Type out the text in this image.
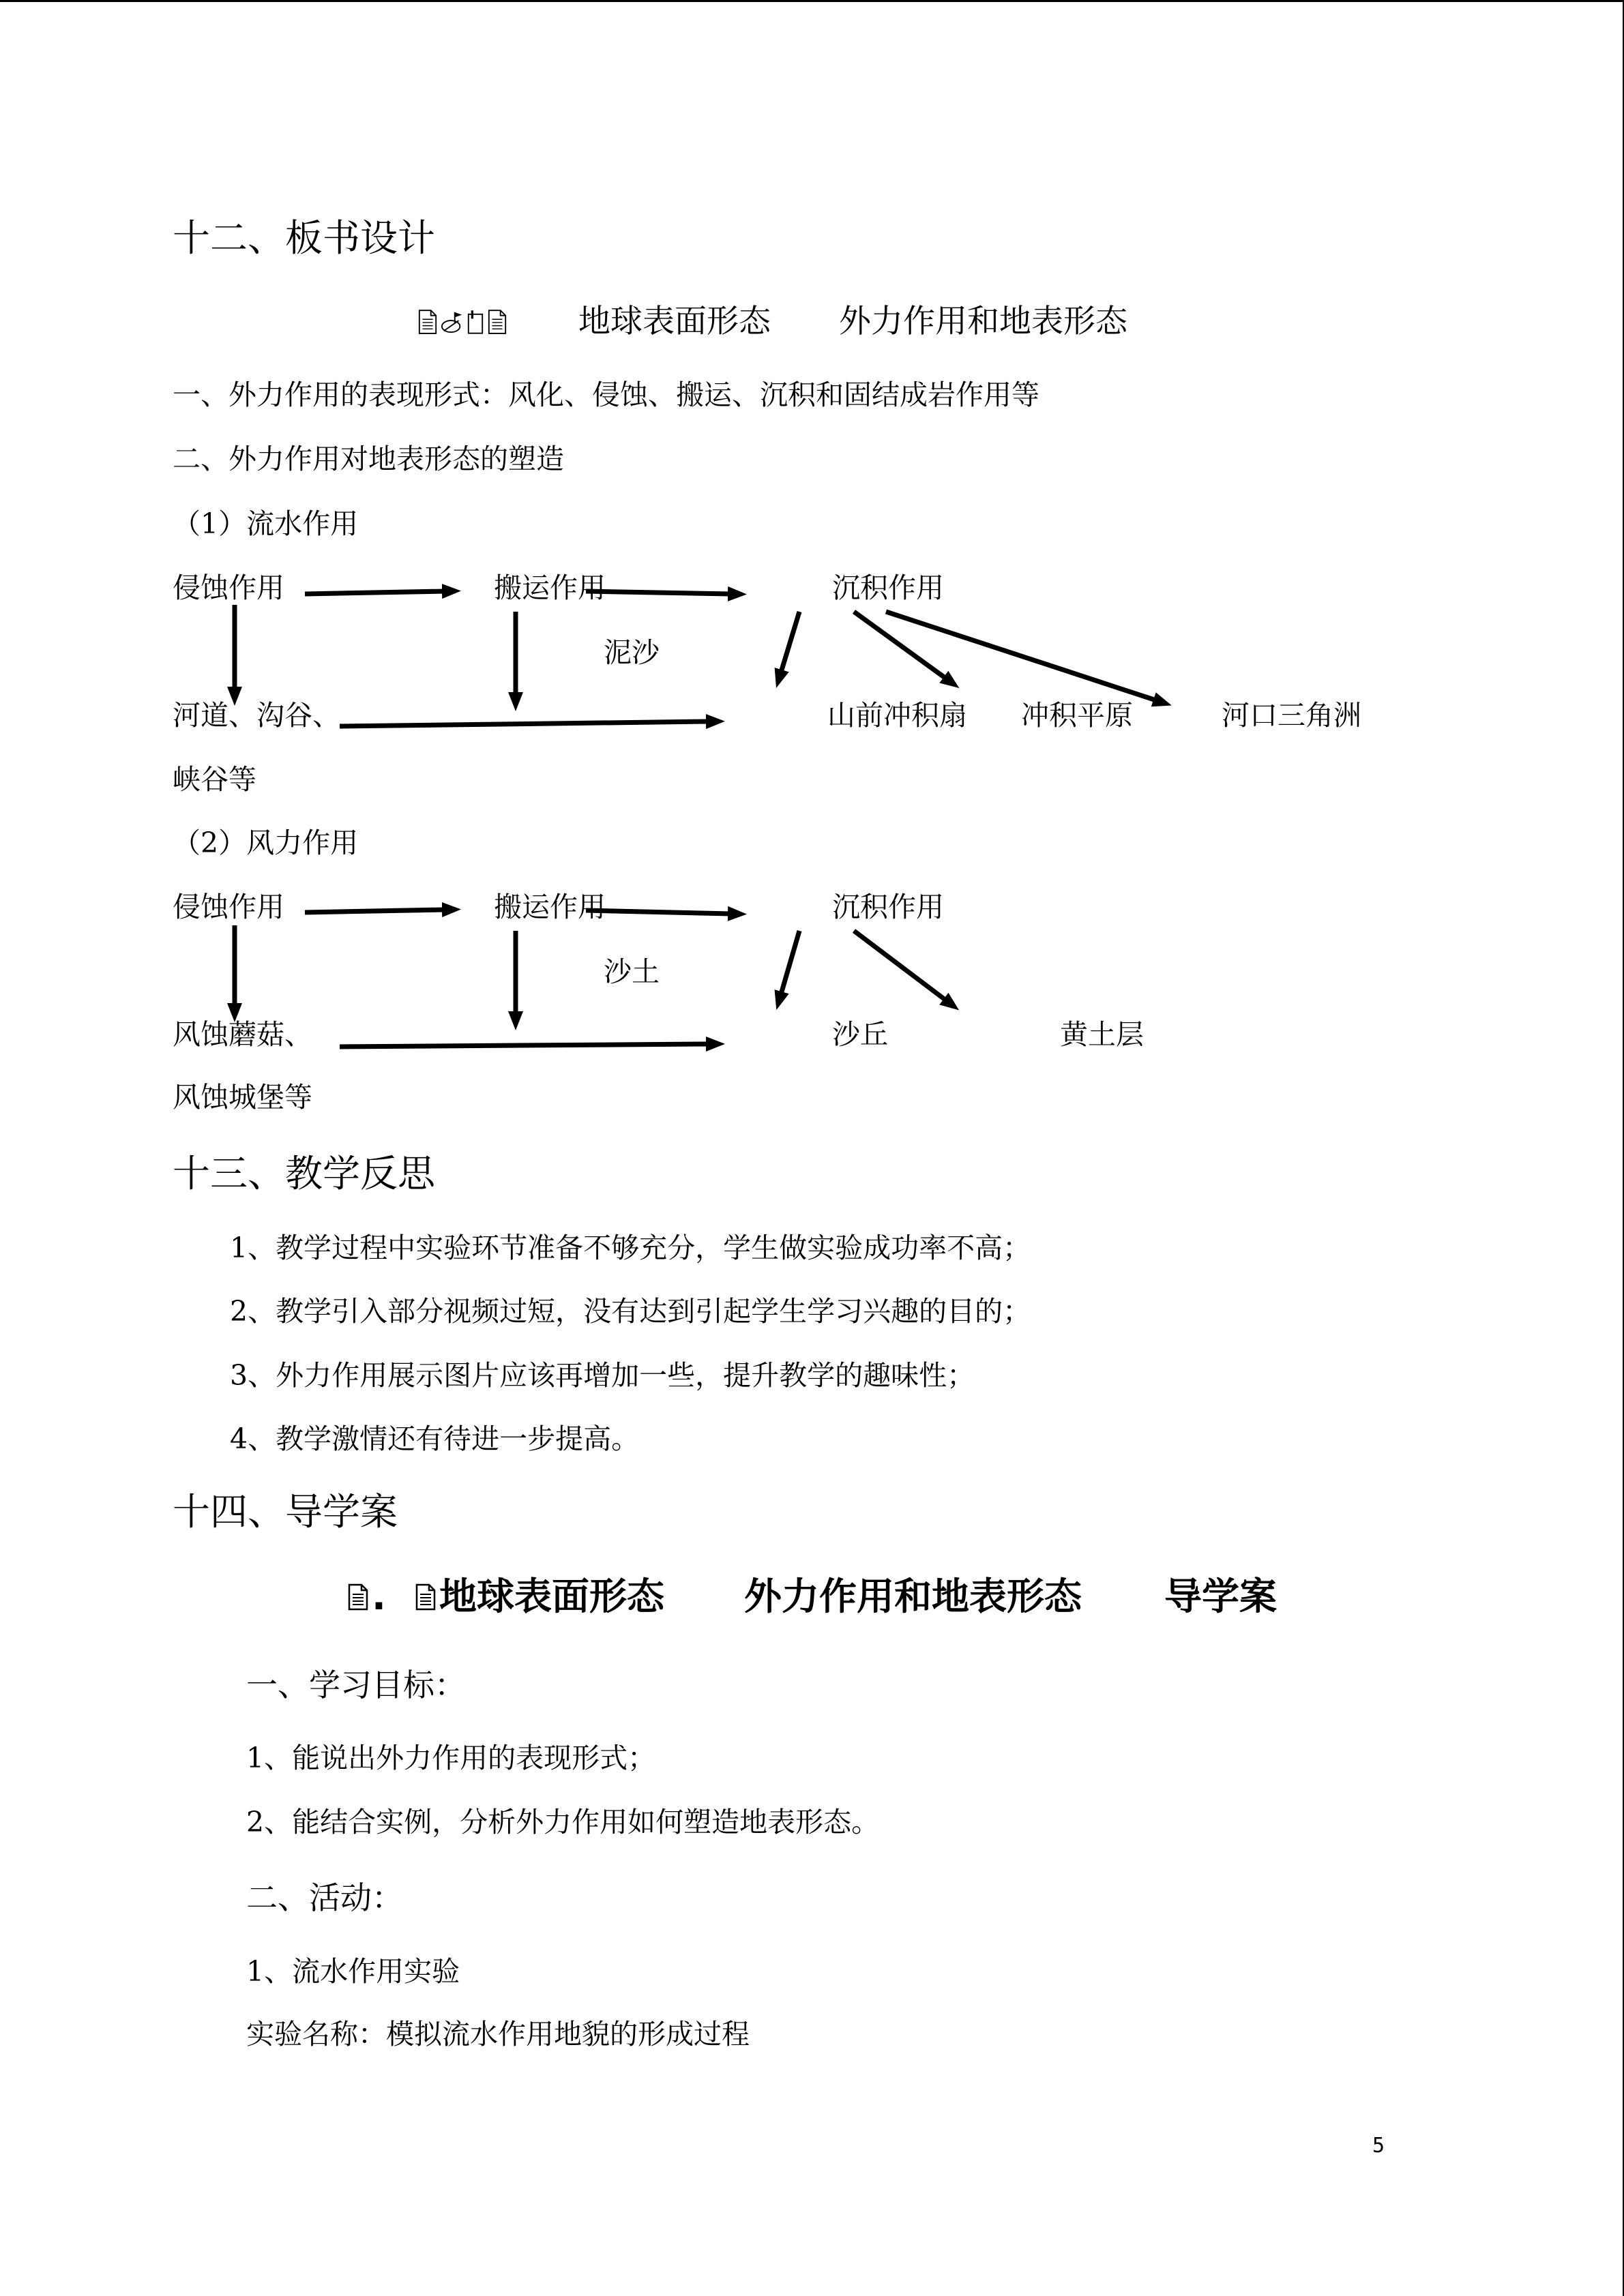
十二、板书设计
地球表面形态 外力作用和地表形态
一、外力作用的表现形式：风化、侵蚀、搬运、沉积和固结成岩作用等
二、外力作用对地表形态的塑造
（1）流水作用
侵蚀作用	搬运作用	沉积作用
泥沙
河道、沟谷、	山前冲积扇 冲积平原	河口三角洲
峡谷等
（2）风力作用
侵蚀作用	搬运作用	沉积作用
沙土
风蚀蘑菇、	沙丘	黄土层
风蚀城堡等
十三、教学反思
1、教学过程中实验环节准备不够充分，学生做实验成功率不高；
2、教学引入部分视频过短，没有达到引起学生学习兴趣的目的；
3、外力作用展示图片应该再增加一些，提升教学的趣味性；
4、教学激情还有待进一步提高。
十四、导学案
. 地球表面形态 外力作用和地表形态 导学案
一、学习目标：
1、能说出外力作用的表现形式；
2、能结合实例，分析外力作用如何塑造地表形态。
二、活动：
1、流水作用实验
实验名称：模拟流水作用地貌的形成过程
5
